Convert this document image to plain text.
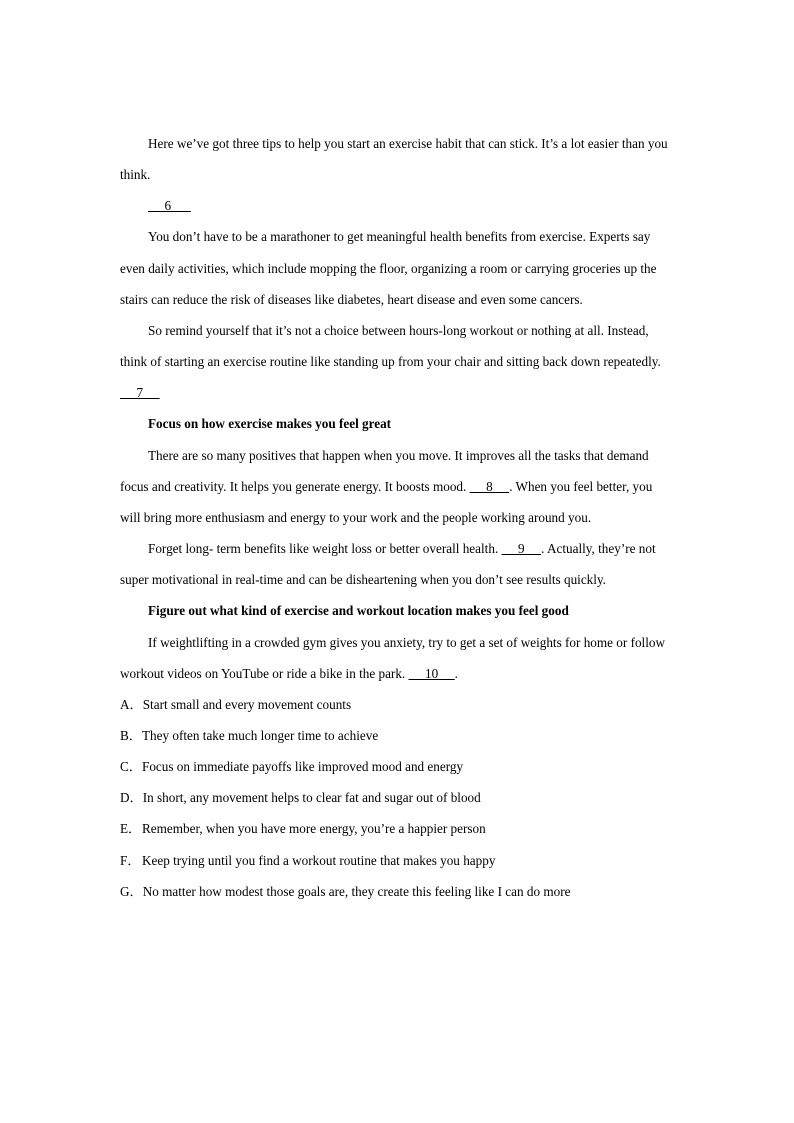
Here we’ve got three tips to help you start an exercise habit that can stick. It’s a lot easier than you think.

6

You don’t have to be a marathoner to get meaningful health benefits from exercise. Experts say even daily activities, which include mopping the floor, organizing a room or carrying groceries up the stairs can reduce the risk of diseases like diabetes, heart disease and even some cancers.

So remind yourself that it’s not a choice between hours-long workout or nothing at all. Instead, think of starting an exercise routine like standing up from your chair and sitting back down repeatedly.      7

Focus on how exercise makes you feel great

There are so many positives that happen when you move. It improves all the tasks that demand focus and creativity. It helps you generate energy. It boosts mood.      8     . When you feel better, you will bring more enthusiasm and energy to your work and the people working around you.

Forget long- term benefits like weight loss or better overall health.      9     . Actually, they’re not super motivational in real-time and can be disheartening when you don’t see results quickly.

Figure out what kind of exercise and workout location makes you feel good

If weightlifting in a crowded gym gives you anxiety, try to get a set of weights for home or follow workout videos on YouTube or ride a bike in the park.      10     .

A．Start small and every movement counts

B．They often take much longer time to achieve

C．Focus on immediate payoffs like improved mood and energy

D．In short, any movement helps to clear fat and sugar out of blood

E．Remember, when you have more energy, you’re a happier person

F．Keep trying until you find a workout routine that makes you happy

G．No matter how modest those goals are, they create this feeling like I can do more
